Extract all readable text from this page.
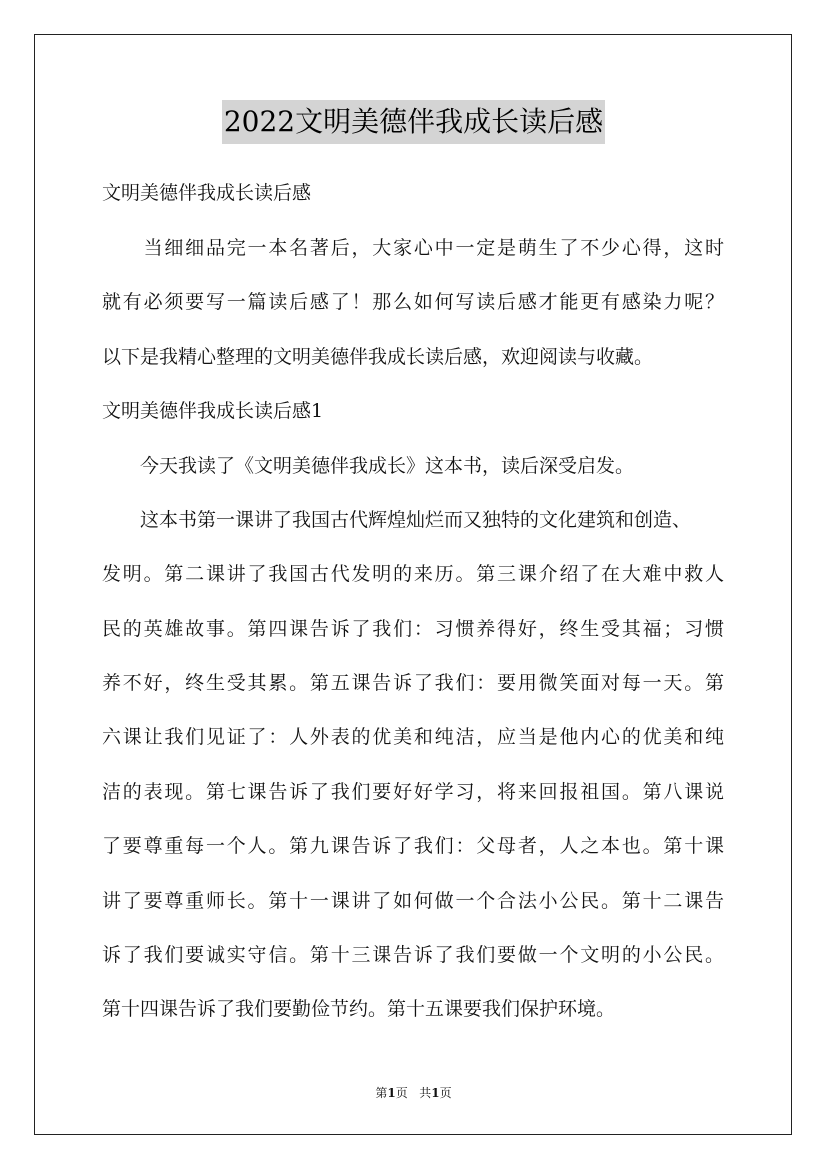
2022文明美德伴我成长读后感
文明美德伴我成长读后感
　　当细细品完一本名著后，大家心中一定是萌生了不少心得，这时
就有必须要写一篇读后感了！那么如何写读后感才能更有感染力呢？
以下是我精心整理的文明美德伴我成长读后感，欢迎阅读与收藏。
文明美德伴我成长读后感1
　　今天我读了《文明美德伴我成长》这本书，读后深受启发。
　　这本书第一课讲了我国古代辉煌灿烂而又独特的文化建筑和创造、
发明。第二课讲了我国古代发明的来历。第三课介绍了在大难中救人
民的英雄故事。第四课告诉了我们：习惯养得好，终生受其福；习惯
养不好，终生受其累。第五课告诉了我们：要用微笑面对每一天。第
六课让我们见证了：人外表的优美和纯洁，应当是他内心的优美和纯
洁的表现。第七课告诉了我们要好好学习，将来回报祖国。第八课说
了要尊重每一个人。第九课告诉了我们：父母者，人之本也。第十课
讲了要尊重师长。第十一课讲了如何做一个合法小公民。第十二课告
诉了我们要诚实守信。第十三课告诉了我们要做一个文明的小公民。
第十四课告诉了我们要勤俭节约。第十五课要我们保护环境。
第1页 共1页
